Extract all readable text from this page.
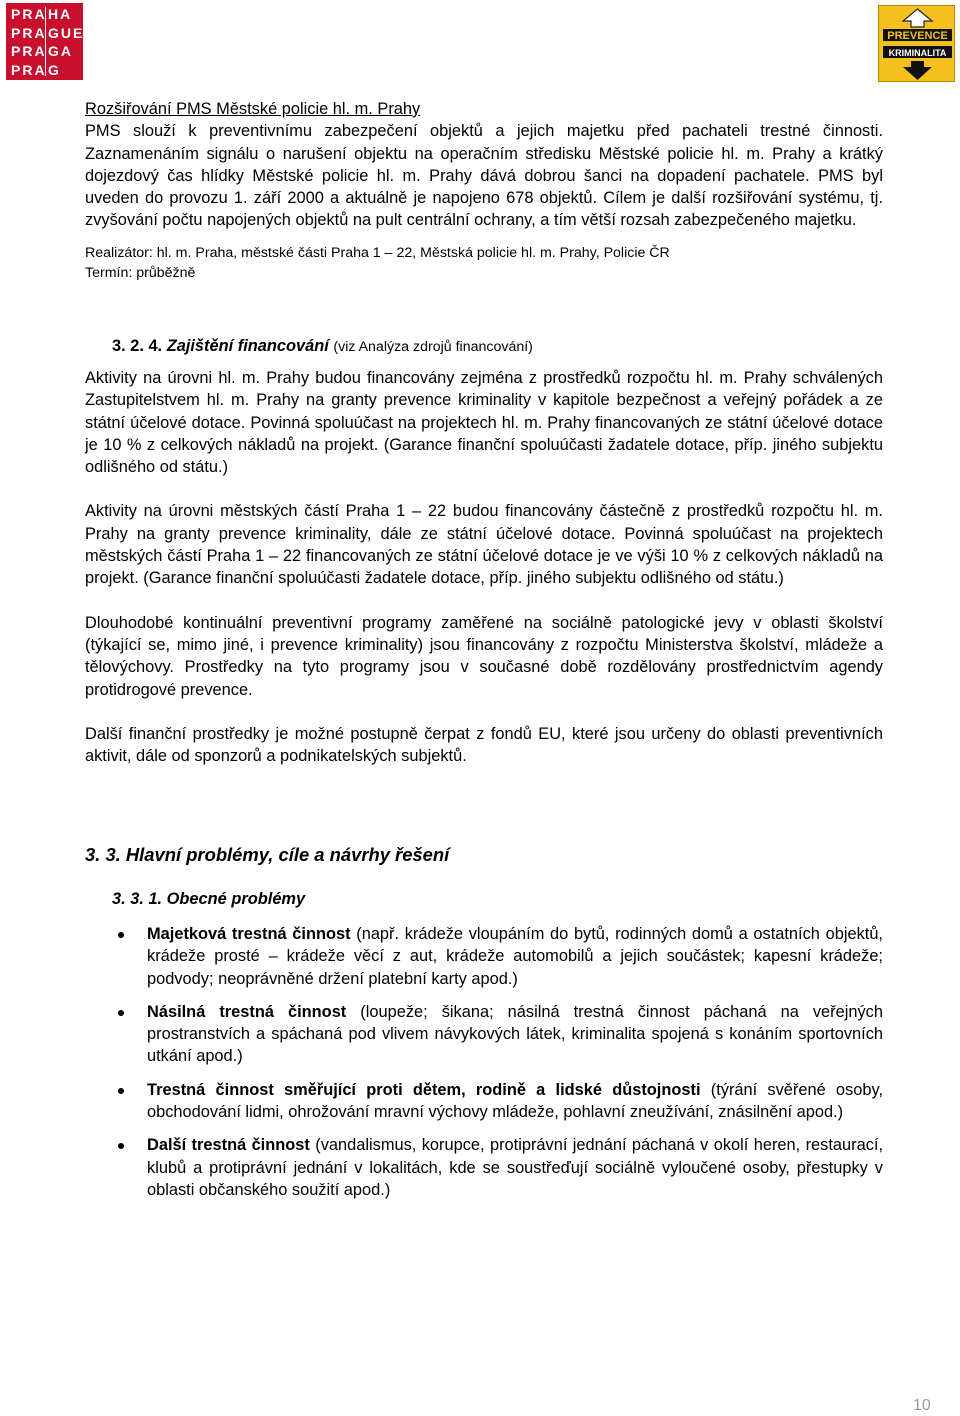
PRA HA
PRA GUE
PRA GA
PRA G
PREVENCE
KRIMINALITA

Rozšiřování PMS Městské policie hl. m. Prahy

PMS slouží k preventivnímu zabezpečení objektů a jejich majetku před pachateli trestné činnosti. Zaznamenáním signálu o narušení objektu na operačním středisku Městské policie hl. m. Prahy a krátký dojezdový čas hlídky Městské policie hl. m. Prahy dává dobrou šanci na dopadení pachatele. PMS byl uveden do provozu 1. září 2000 a aktuálně je napojeno 678 objektů. Cílem je další rozšiřování systému, tj. zvyšování počtu napojených objektů na pult centrální ochrany, a tím větší rozsah zabezpečeného majetku.

Realizátor: hl. m. Praha, městské části Praha 1 – 22, Městská policie hl. m. Prahy, Policie ČR

Termín: průběžně

3. 2. 4. Zajištění financování (viz Analýza zdrojů financování)

Aktivity na úrovni hl. m. Prahy budou financovány zejména z prostředků rozpočtu hl. m. Prahy schválených Zastupitelstvem hl. m. Prahy na granty prevence kriminality v kapitole bezpečnost a veřejný pořádek a ze státní účelové dotace. Povinná spoluúčast na projektech hl. m. Prahy financovaných ze státní účelové dotace je 10 % z celkových nákladů na projekt. (Garance finanční spoluúčasti žadatele dotace, příp. jiného subjektu odlišného od státu.)

Aktivity na úrovni městských částí Praha 1 – 22 budou financovány částečně z prostředků rozpočtu hl. m. Prahy na granty prevence kriminality, dále ze státní účelové dotace. Povinná spoluúčast na projektech městských částí Praha 1 – 22 financovaných ze státní účelové dotace je ve výši 10 % z celkových nákladů na projekt. (Garance finanční spoluúčasti žadatele dotace, příp. jiného subjektu odlišného od státu.)

Dlouhodobé kontinuální preventivní programy zaměřené na sociálně patologické jevy v oblasti školství (týkající se, mimo jiné, i prevence kriminality) jsou financovány z rozpočtu Ministerstva školství, mládeže a tělovýchovy. Prostředky na tyto programy jsou v současné době rozdělovány prostřednictvím agendy protidrogové prevence.

Další finanční prostředky je možné postupně čerpat z fondů EU, které jsou určeny do oblasti preventivních aktivit, dále od sponzorů a podnikatelských subjektů.

3. 3. Hlavní problémy, cíle a návrhy řešení
3. 3. 1. Obecné problémy
Majetková trestná činnost (např. krádeže vloupáním do bytů, rodinných domů a ostatních objektů, krádeže prosté – krádeže věcí z aut, krádeže automobilů a jejich součástek; kapesní krádeže; podvody; neoprávněné držení platební karty apod.)
Násilná trestná činnost (loupeže; šikana; násilná trestná činnost páchaná na veřejných prostranstvích a spáchaná pod vlivem návykových látek, kriminalita spojená s konáním sportovních utkání apod.)
Trestná činnost směřující proti dětem, rodině a lidské důstojnosti (týrání svěřené osoby, obchodování lidmi, ohrožování mravní výchovy mládeže, pohlavní zneužívání, znásilnění apod.)
Další trestná činnost (vandalismus, korupce, protiprávní jednání páchaná v okolí heren, restaurací, klubů a protiprávní jednání v lokalitách, kde se soustřeďují sociálně vyloučené osoby, přestupky v oblasti občanského soužití apod.)
10
